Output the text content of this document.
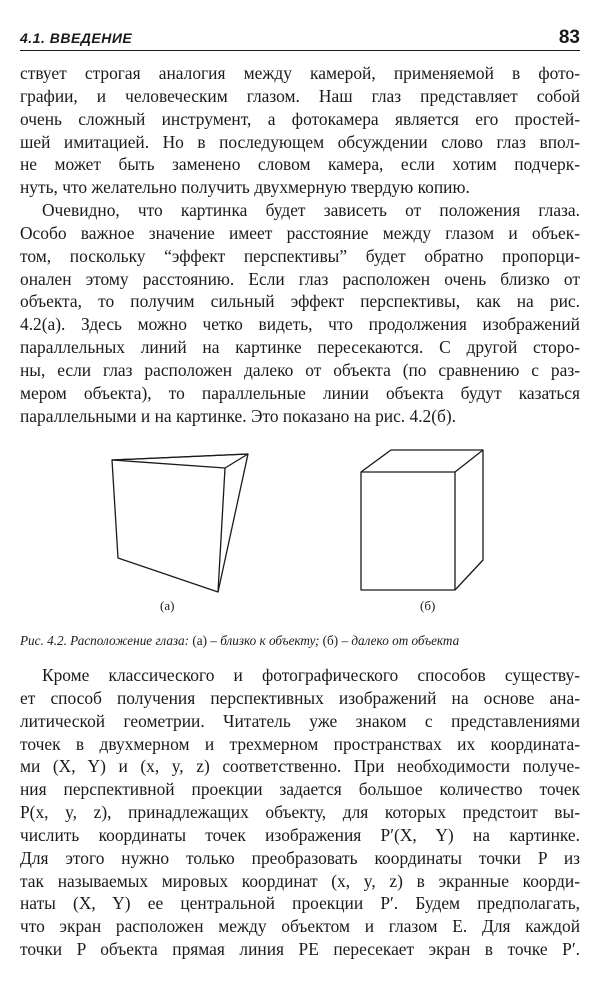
4.1. ВВЕДЕНИЕ	83
ствует строгая аналогия между камерой, применяемой в фото-
графии, и человеческим глазом. Наш глаз представляет собой
очень сложный инструмент, а фотокамера является его простей-
шей имитацией. Но в последующем обсуждении слово глаз впол-
не может быть заменено словом камера, если хотим подчерк-
нуть, что желательно получить двухмерную твердую копию.
Очевидно, что картинка будет зависеть от положения глаза.
Особо важное значение имеет расстояние между глазом и объек-
том, поскольку “эффект перспективы” будет обратно пропорци-
онален этому расстоянию. Если глаз расположен очень близко от
объекта, то получим сильный эффект перспективы, как на рис.
4.2(а). Здесь можно четко видеть, что продолжения изображений
параллельных линий на картинке пересекаются. С другой сторо-
ны, если глаз расположен далеко от объекта (по сравнению с раз-
мером объекта), то параллельные линии объекта будут казаться
параллельными и на картинке. Это показано на рис. 4.2(б).
(а)	(б)
Рис. 4.2. Расположение глаза: (а) – близко к объекту; (б) – далеко от объекта
Кроме классического и фотографического способов существу-
ет способ получения перспективных изображений на основе ана-
литической геометрии. Читатель уже знаком с представлениями
точек в двухмерном и трехмерном пространствах их координата-
ми (X, Y) и (x, y, z) соответственно. При необходимости получе-
ния перспективной проекции задается большое количество точек
P(x, y, z), принадлежащих объекту, для которых предстоит вы-
числить координаты точек изображения P′(X, Y) на картинке.
Для этого нужно только преобразовать координаты точки P из
так называемых мировых координат (x, y, z) в экранные коорди-
наты (X, Y) ее центральной проекции P′. Будем предполагать,
что экран расположен между объектом и глазом E. Для каждой
точки P объекта прямая линия PE пересекает экран в точке P′.
